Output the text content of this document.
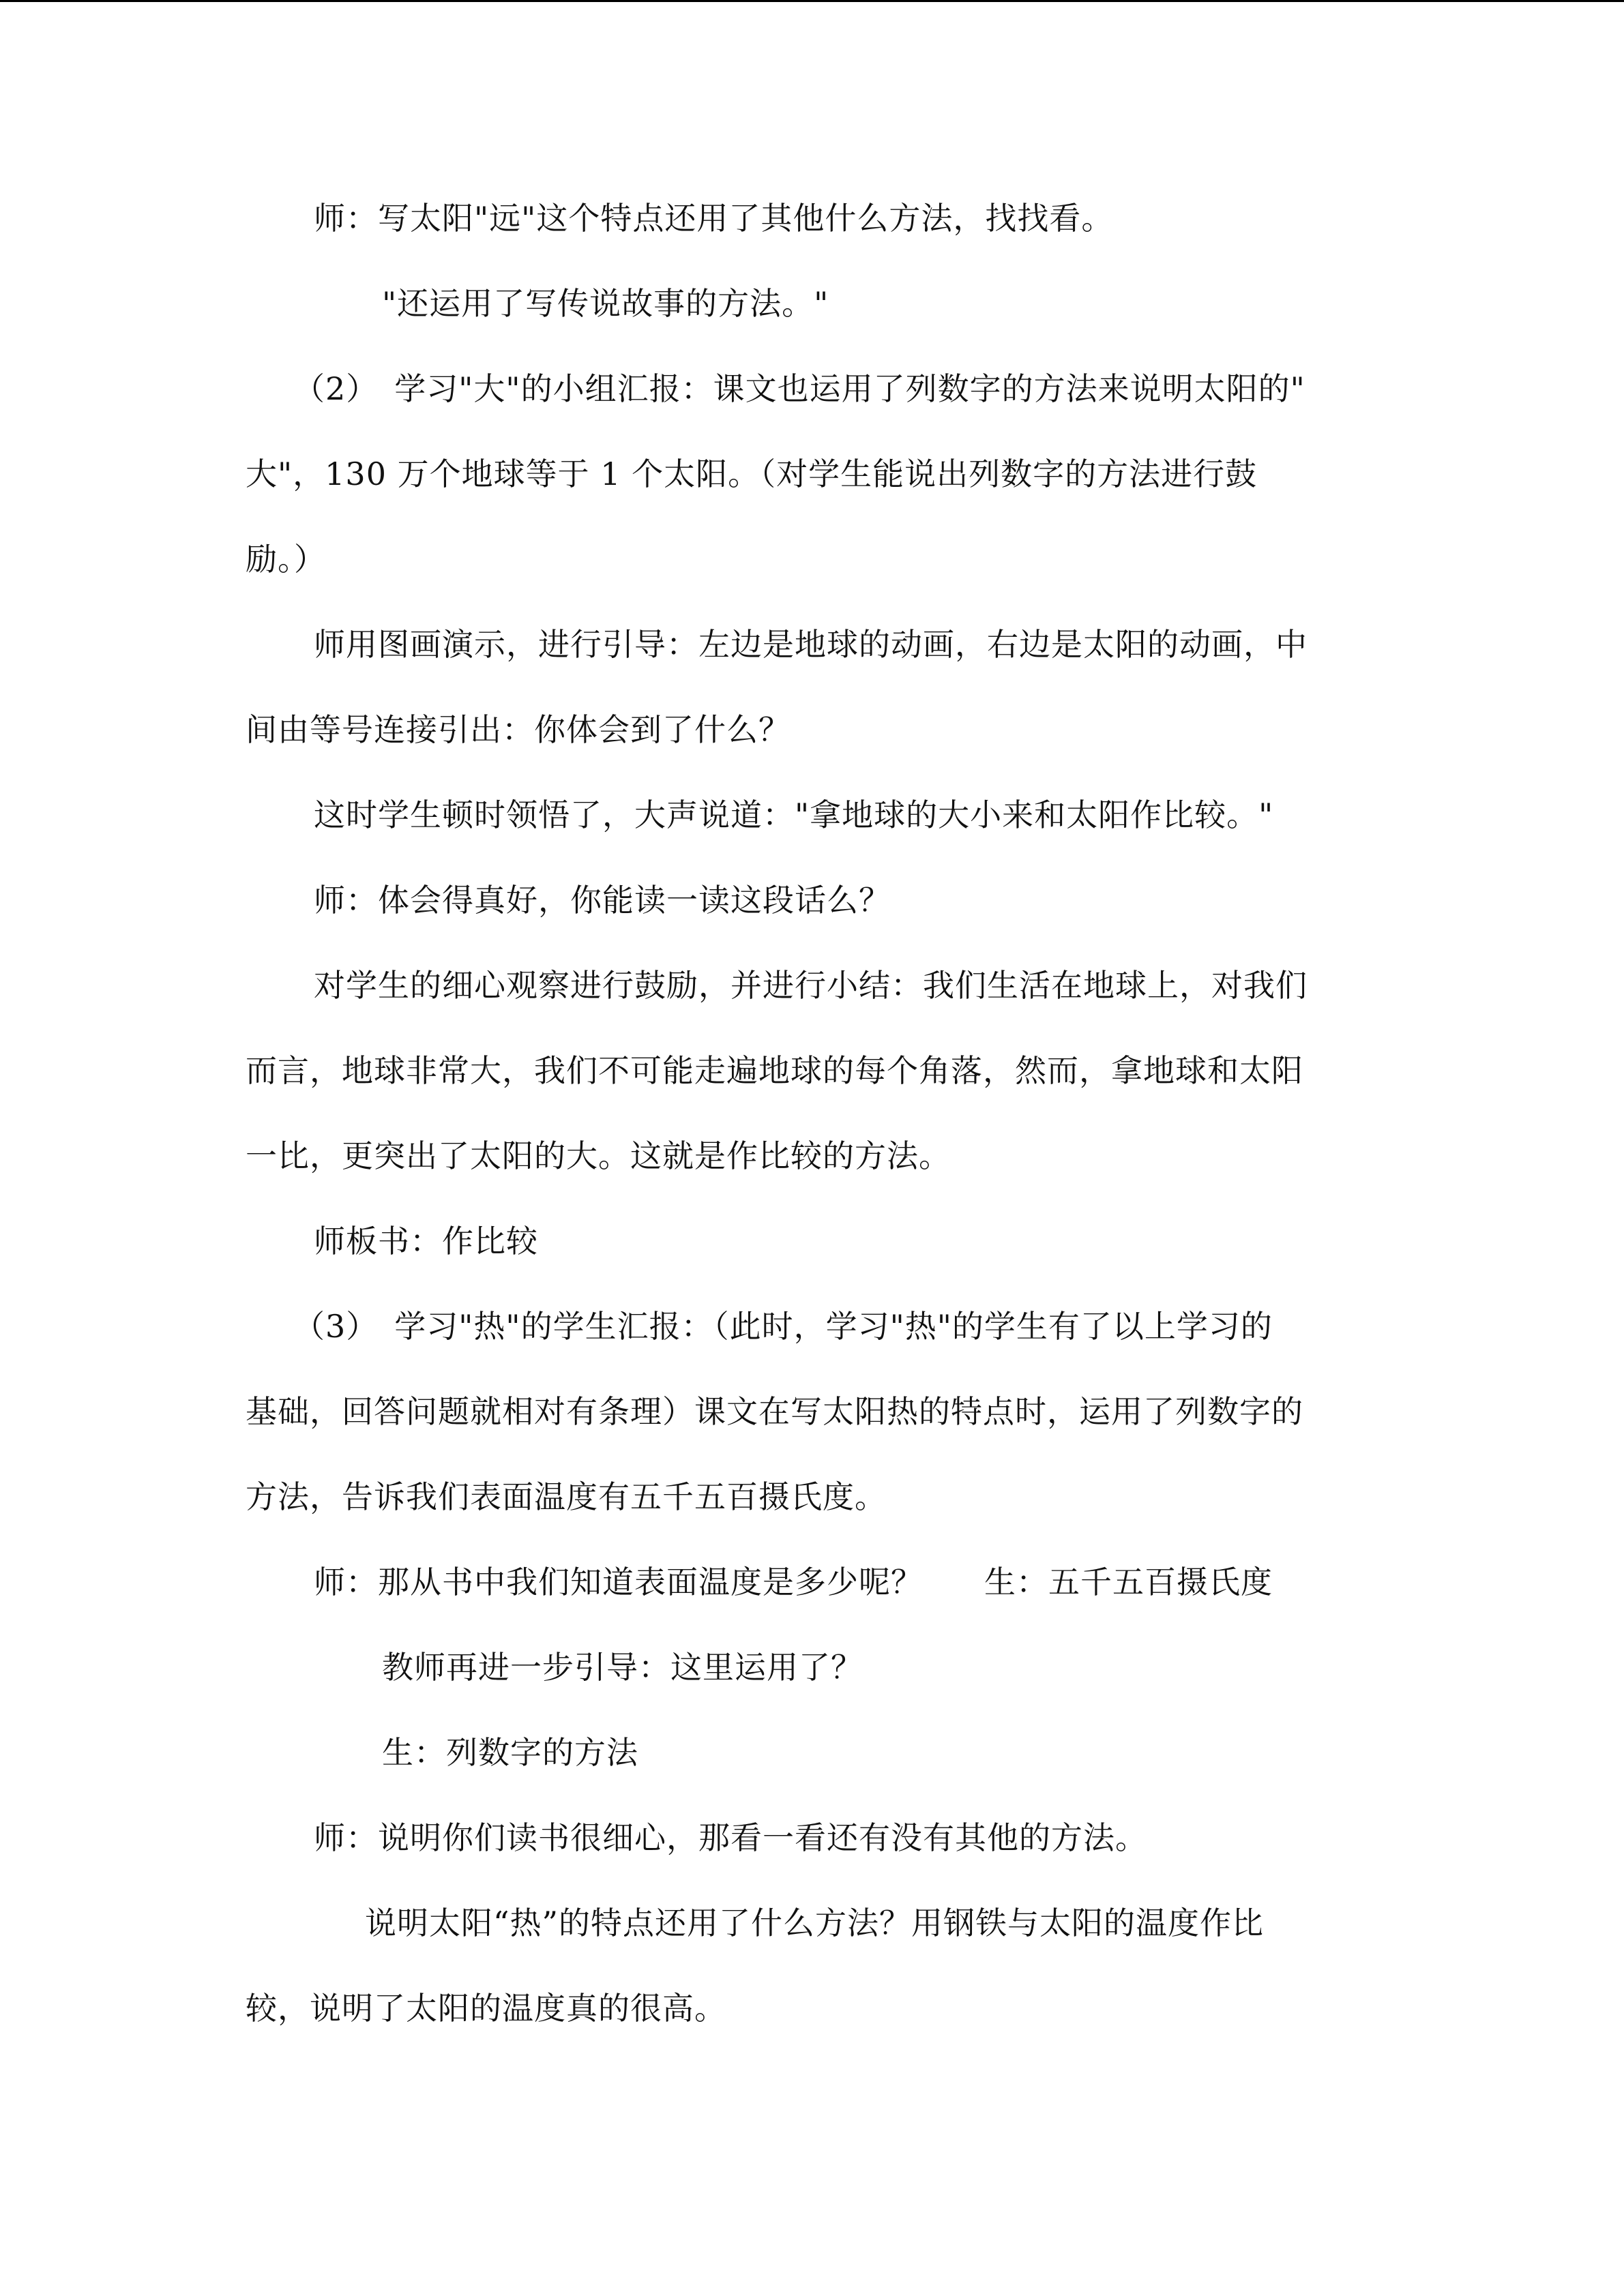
师：写太阳"远"这个特点还用了其他什么方法，找找看。
"还运用了写传说故事的方法。"
（2）　学习"大"的小组汇报：课文也运用了列数字的方法来说明太阳的"
大"，130 万个地球等于 1 个太阳。（对学生能说出列数字的方法进行鼓
励。）
师用图画演示，进行引导：左边是地球的动画，右边是太阳的动画，中
间由等号连接引出：你体会到了什么？
这时学生顿时领悟了，大声说道："拿地球的大小来和太阳作比较。"
师：体会得真好，你能读一读这段话么？
对学生的细心观察进行鼓励，并进行小结：我们生活在地球上，对我们
而言，地球非常大，我们不可能走遍地球的每个角落，然而，拿地球和太阳
一比，更突出了太阳的大。这就是作比较的方法。
师板书：作比较
（3）　学习"热"的学生汇报：（此时，学习"热"的学生有了以上学习的
基础，回答问题就相对有条理）课文在写太阳热的特点时，运用了列数字的
方法，告诉我们表面温度有五千五百摄氏度。
师：那从书中我们知道表面温度是多少呢？ 生：五千五百摄氏度
教师再进一步引导：这里运用了？
生：列数字的方法
师：说明你们读书很细心，那看一看还有没有其他的方法。
说明太阳“热”的特点还用了什么方法？用钢铁与太阳的温度作比
较，说明了太阳的温度真的很高。
